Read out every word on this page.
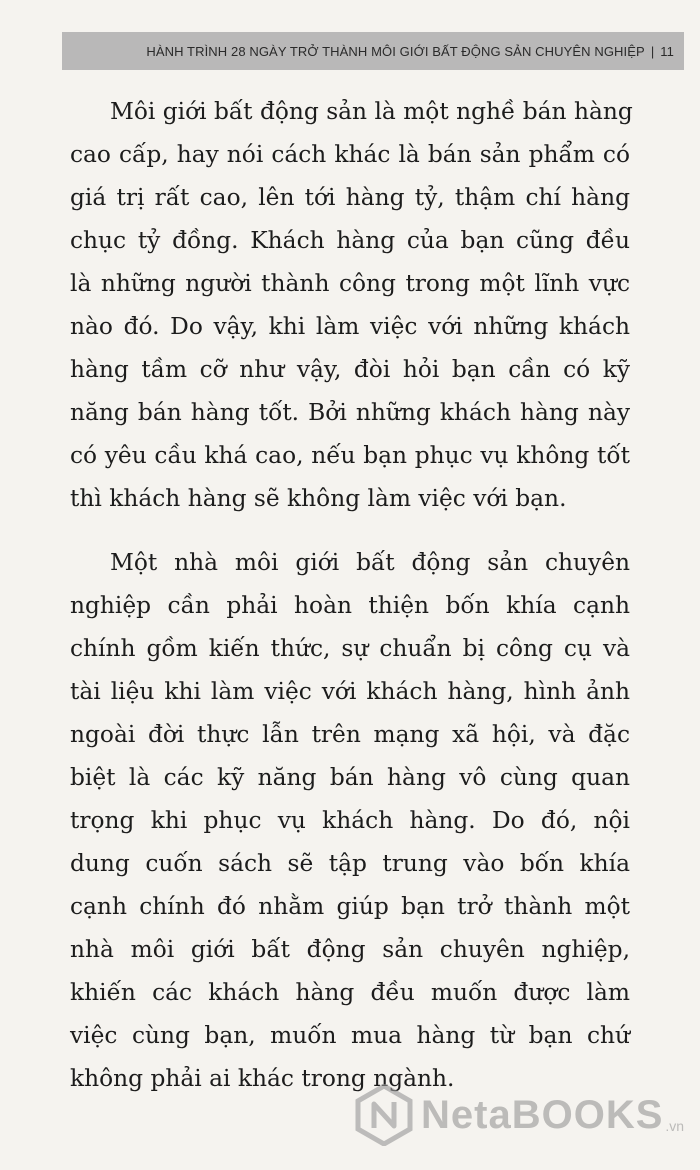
HÀNH TRÌNH 28 NGÀY TRỞ THÀNH MÔI GIỚI BẤT ĐỘNG SẢN CHUYÊN NGHIỆP | 11

Môi giới bất động sản là một nghề bán hàng
cao cấp, hay nói cách khác là bán sản phẩm có
giá trị rất cao, lên tới hàng tỷ, thậm chí hàng
chục tỷ đồng. Khách hàng của bạn cũng đều
là những người thành công trong một lĩnh vực
nào đó. Do vậy, khi làm việc với những khách
hàng tầm cỡ như vậy, đòi hỏi bạn cần có kỹ
năng bán hàng tốt. Bởi những khách hàng này
có yêu cầu khá cao, nếu bạn phục vụ không tốt
thì khách hàng sẽ không làm việc với bạn.

Một nhà môi giới bất động sản chuyên
nghiệp cần phải hoàn thiện bốn khía cạnh
chính gồm kiến thức, sự chuẩn bị công cụ và
tài liệu khi làm việc với khách hàng, hình ảnh
ngoài đời thực lẫn trên mạng xã hội, và đặc
biệt là các kỹ năng bán hàng vô cùng quan
trọng khi phục vụ khách hàng. Do đó, nội
dung cuốn sách sẽ tập trung vào bốn khía
cạnh chính đó nhằm giúp bạn trở thành một
nhà môi giới bất động sản chuyên nghiệp,
khiến các khách hàng đều muốn được làm
việc cùng bạn, muốn mua hàng từ bạn chứ
không phải ai khác trong ngành.

NetaBOOKS .vn
